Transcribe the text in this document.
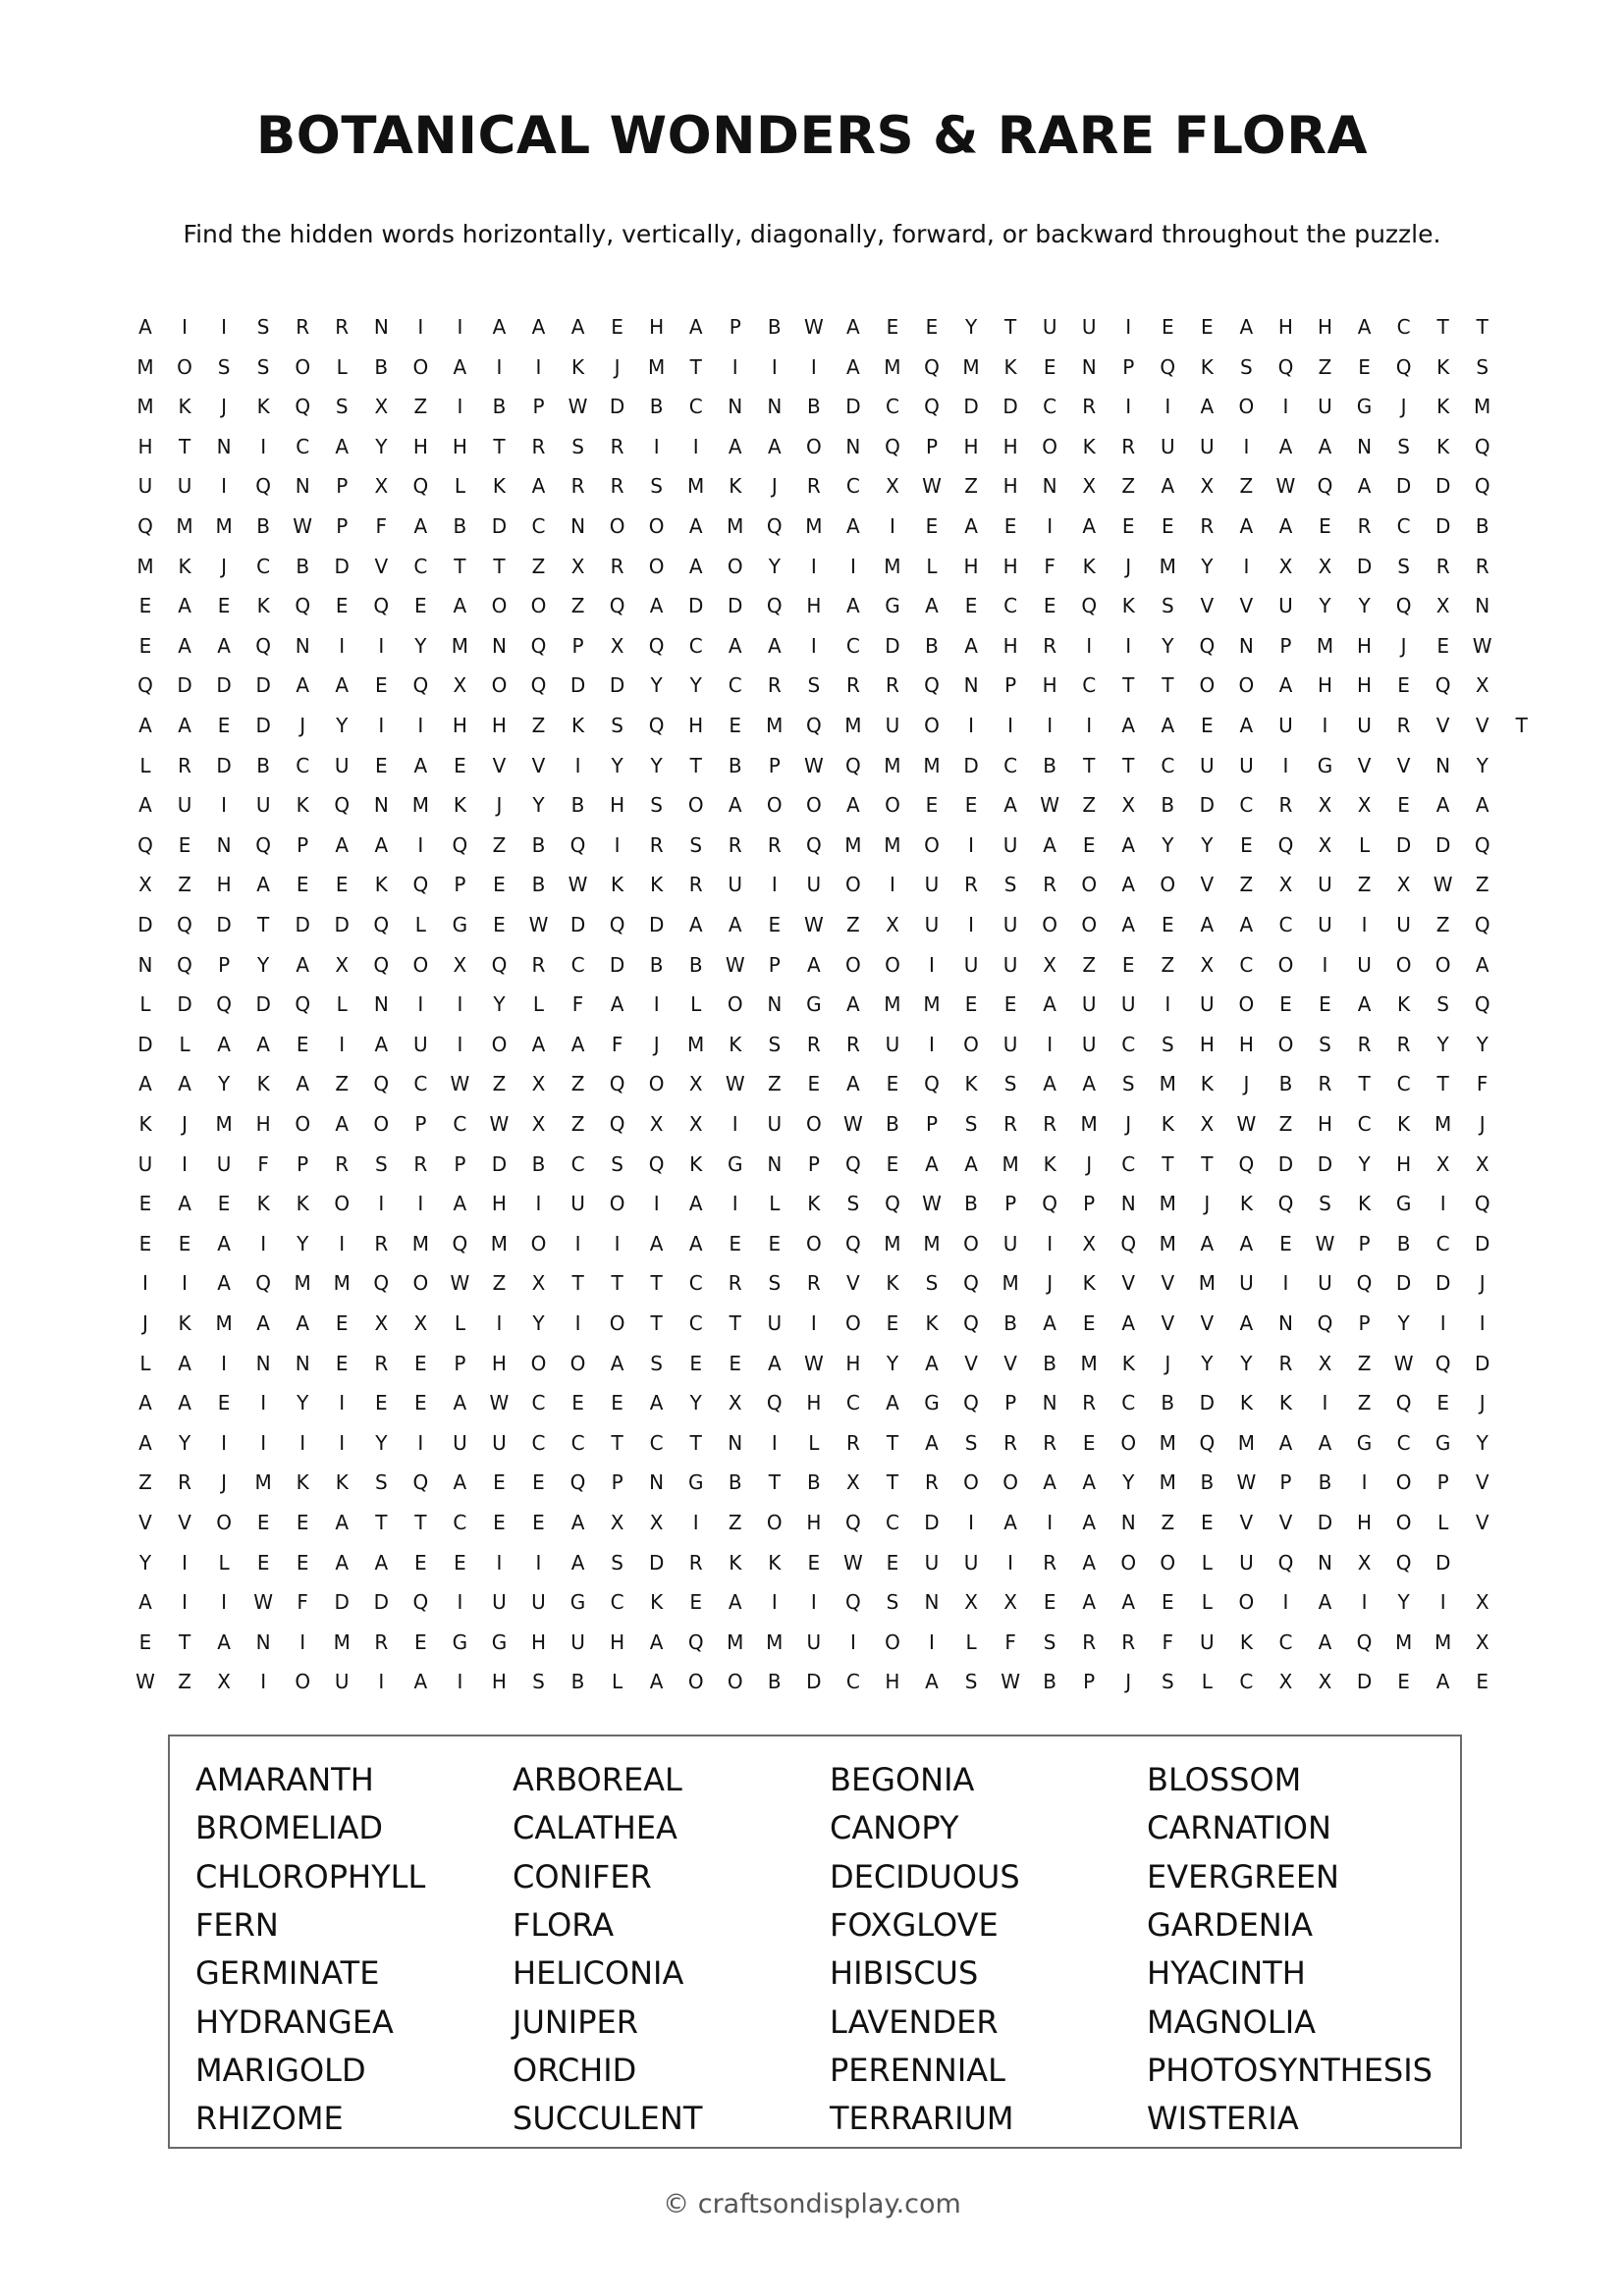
BOTANICAL WONDERS & RARE FLORA

Find the hidden words horizontally, vertically, diagonally, forward, or backward throughout the puzzle.

A	I	I	S	R	R	N	I	I	A	A	A	E	H	A	P	B	W	A	E	E	Y	T	U	U	I	E	E	A	H	H	A	C	T	T
M	O	S	S	O	L	B	O	A	I	I	K	J	M	T	I	I	I	A	M	Q	M	K	E	N	P	Q	K	S	Q	Z	E	Q	K	S
M	K	J	K	Q	S	X	Z	I	B	P	W	D	B	C	N	N	B	D	C	Q	D	D	C	R	I	I	A	O	I	U	G	J	K	M
H	T	N	I	C	A	Y	H	H	T	R	S	R	I	I	A	A	O	N	Q	P	H	H	O	K	R	U	U	I	A	A	N	S	K	Q
U	U	I	Q	N	P	X	Q	L	K	A	R	R	S	M	K	J	R	C	X	W	Z	H	N	X	Z	A	X	Z	W	Q	A	D	D	Q
Q	M	M	B	W	P	F	A	B	D	C	N	O	O	A	M	Q	M	A	I	E	A	E	I	A	E	E	R	A	A	E	R	C	D	B
M	K	J	C	B	D	V	C	T	T	Z	X	R	O	A	O	Y	I	I	M	L	H	H	F	K	J	M	Y	I	X	X	D	S	R	R
E	A	E	K	Q	E	Q	E	A	O	O	Z	Q	A	D	D	Q	H	A	G	A	E	C	E	Q	K	S	V	V	U	Y	Y	Q	X	N
E	A	A	Q	N	I	I	Y	M	N	Q	P	X	Q	C	A	A	I	C	D	B	A	H	R	I	I	Y	Q	N	P	M	H	J	E	W
Q	D	D	D	A	A	E	Q	X	O	Q	D	D	Y	Y	C	R	S	R	R	Q	N	P	H	C	T	T	O	O	A	H	H	E	Q	X
A	A	E	D	J	Y	I	I	H	H	Z	K	S	Q	H	E	M	Q	M	U	O	I	I	I	I	A	A	E	A	U	I	U	R	V	V	T
L	R	D	B	C	U	E	A	E	V	V	I	Y	Y	T	B	P	W	Q	M	M	D	C	B	T	T	C	U	U	I	G	V	V	N	Y
A	U	I	U	K	Q	N	M	K	J	Y	B	H	S	O	A	O	O	A	O	E	E	A	W	Z	X	B	D	C	R	X	X	E	A	A
Q	E	N	Q	P	A	A	I	Q	Z	B	Q	I	R	S	R	R	Q	M	M	O	I	U	A	E	A	Y	Y	E	Q	X	L	D	D	Q
X	Z	H	A	E	E	K	Q	P	E	B	W	K	K	R	U	I	U	O	I	U	R	S	R	O	A	O	V	Z	X	U	Z	X	W	Z
D	Q	D	T	D	D	Q	L	G	E	W	D	Q	D	A	A	E	W	Z	X	U	I	U	O	O	A	E	A	A	C	U	I	U	Z	Q
N	Q	P	Y	A	X	Q	O	X	Q	R	C	D	B	B	W	P	A	O	O	I	U	U	X	Z	E	Z	X	C	O	I	U	O	O	A
L	D	Q	D	Q	L	N	I	I	Y	L	F	A	I	L	O	N	G	A	M	M	E	E	A	U	U	I	U	O	E	E	A	K	S	Q
D	L	A	A	E	I	A	U	I	O	A	A	F	J	M	K	S	R	R	U	I	O	U	I	U	C	S	H	H	O	S	R	R	Y	Y
A	A	Y	K	A	Z	Q	C	W	Z	X	Z	Q	O	X	W	Z	E	A	E	Q	K	S	A	A	S	M	K	J	B	R	T	C	T	F
K	J	M	H	O	A	O	P	C	W	X	Z	Q	X	X	I	U	O	W	B	P	S	R	R	M	J	K	X	W	Z	H	C	K	M	J
U	I	U	F	P	R	S	R	P	D	B	C	S	Q	K	G	N	P	Q	E	A	A	M	K	J	C	T	T	Q	D	D	Y	H	X	X
E	A	E	K	K	O	I	I	A	H	I	U	O	I	A	I	L	K	S	Q	W	B	P	Q	P	N	M	J	K	Q	S	K	G	I	Q
E	E	A	I	Y	I	R	M	Q	M	O	I	I	A	A	E	E	O	Q	M	M	O	U	I	X	Q	M	A	A	E	W	P	B	C	D
I	I	A	Q	M	M	Q	O	W	Z	X	T	T	T	C	R	S	R	V	K	S	Q	M	J	K	V	V	M	U	I	U	Q	D	D	J
J	K	M	A	A	E	X	X	L	I	Y	I	O	T	C	T	U	I	O	E	K	Q	B	A	E	A	V	V	A	N	Q	P	Y	I	I
L	A	I	N	N	E	R	E	P	H	O	O	A	S	E	E	A	W	H	Y	A	V	V	B	M	K	J	Y	Y	R	X	Z	W	Q	D
A	A	E	I	Y	I	E	E	A	W	C	E	E	A	Y	X	Q	H	C	A	G	Q	P	N	R	C	B	D	K	K	I	Z	Q	E	J
A	Y	I	I	I	I	Y	I	U	U	C	C	T	C	T	N	I	L	R	T	A	S	R	R	E	O	M	Q	M	A	A	G	C	G	Y
Z	R	J	M	K	K	S	Q	A	E	E	Q	P	N	G	B	T	B	X	T	R	O	O	A	A	Y	M	B	W	P	B	I	O	P	V
V	V	O	E	E	A	T	T	C	E	E	A	X	X	I	Z	O	H	Q	C	D	I	A	I	A	N	Z	E	V	V	D	H	O	L	V
Y	I	L	E	E	A	A	E	E	I	I	A	S	D	R	K	K	E	W	E	U	U	I	R	A	O	O	L	U	Q	N	X	Q	D
A	I	I	W	F	D	D	Q	I	U	U	G	C	K	E	A	I	I	Q	S	N	X	X	E	A	A	E	L	O	I	A	I	Y	I	X
E	T	A	N	I	M	R	E	G	G	H	U	H	A	Q	M	M	U	I	O	I	L	F	S	R	R	F	U	K	C	A	Q	M	M	X
W	Z	X	I	O	U	I	A	I	H	S	B	L	A	O	O	B	D	C	H	A	S	W	B	P	J	S	L	C	X	X	D	E	A	E
AMARANTH	ARBOREAL	BEGONIA	BLOSSOM
BROMELIAD	CALATHEA	CANOPY	CARNATION
CHLOROPHYLL	CONIFER	DECIDUOUS	EVERGREEN
FERN	FLORA	FOXGLOVE	GARDENIA
GERMINATE	HELICONIA	HIBISCUS	HYACINTH
HYDRANGEA	JUNIPER	LAVENDER	MAGNOLIA
MARIGOLD	ORCHID	PERENNIAL	PHOTOSYNTHESIS
RHIZOME	SUCCULENT	TERRARIUM	WISTERIA

© craftsondisplay.com
